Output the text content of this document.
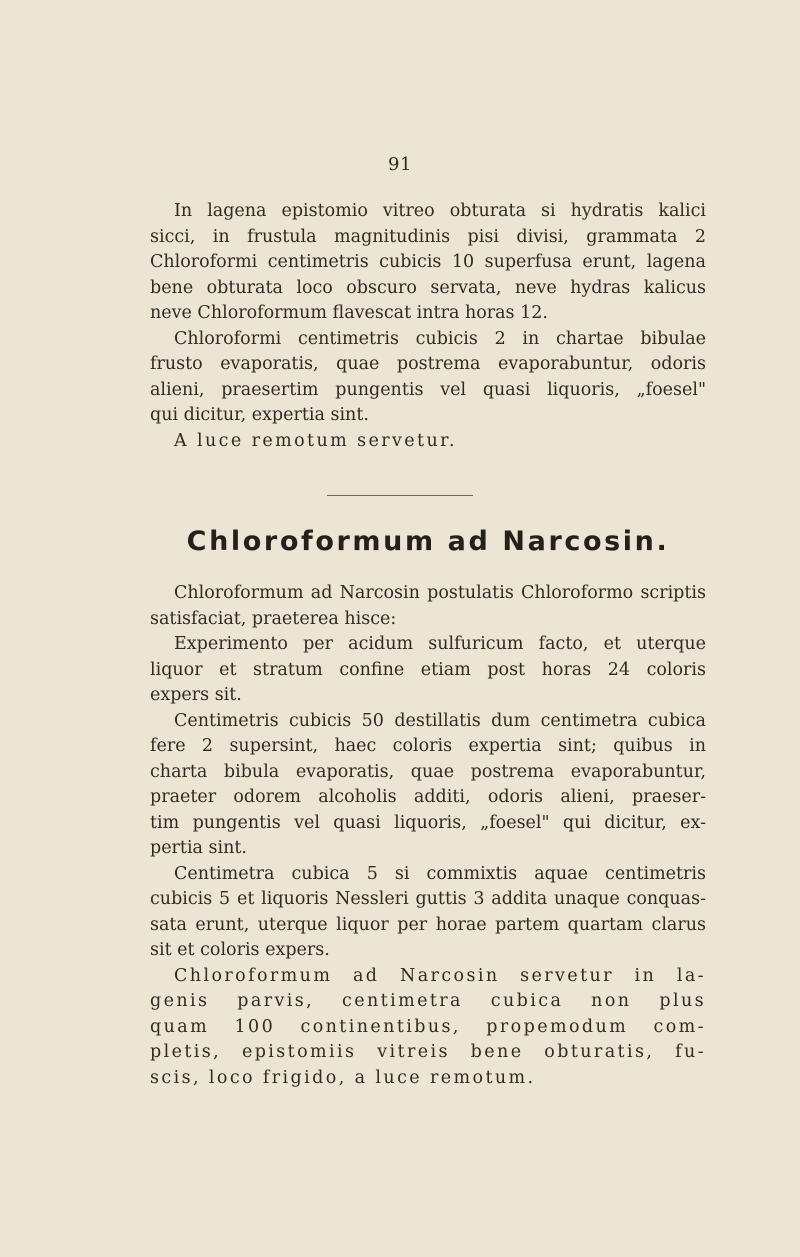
91
In lagena epistomio vitreo obturata si hydratis kalici
sicci, in frustula magnitudinis pisi divisi, grammata 2
Chloroformi centimetris cubicis 10 superfusa erunt, lagena
bene obturata loco obscuro servata, neve hydras kalicus
neve Chloroformum flavescat intra horas 12.
Chloroformi centimetris cubicis 2 in chartae bibulae
frusto evaporatis, quae postrema evaporabuntur, odoris
alieni, praesertim pungentis vel quasi liquoris, „foesel"
qui dicitur, expertia sint.
A luce remotum servetur.
Chloroformum ad Narcosin.
Chloroformum ad Narcosin postulatis Chloroformo scriptis
satisfaciat, praeterea hisce:
Experimento per acidum sulfuricum facto, et uterque
liquor et stratum confine etiam post horas 24 coloris
expers sit.
Centimetris cubicis 50 destillatis dum centimetra cubica
fere 2 supersint, haec coloris expertia sint; quibus in
charta bibula evaporatis, quae postrema evaporabuntur,
praeter odorem alcoholis additi, odoris alieni, praeser-
tim pungentis vel quasi liquoris, „foesel" qui dicitur, ex-
pertia sint.
Centimetra cubica 5 si commixtis aquae centimetris
cubicis 5 et liquoris Nessleri guttis 3 addita unaque conquas-
sata erunt, uterque liquor per horae partem quartam clarus
sit et coloris expers.
Chloroformum ad Narcosin servetur in la-
genis parvis, centimetra cubica non plus
quam 100 continentibus, propemodum com-
pletis, epistomiis vitreis bene obturatis, fu-
scis, loco frigido, a luce remotum.
